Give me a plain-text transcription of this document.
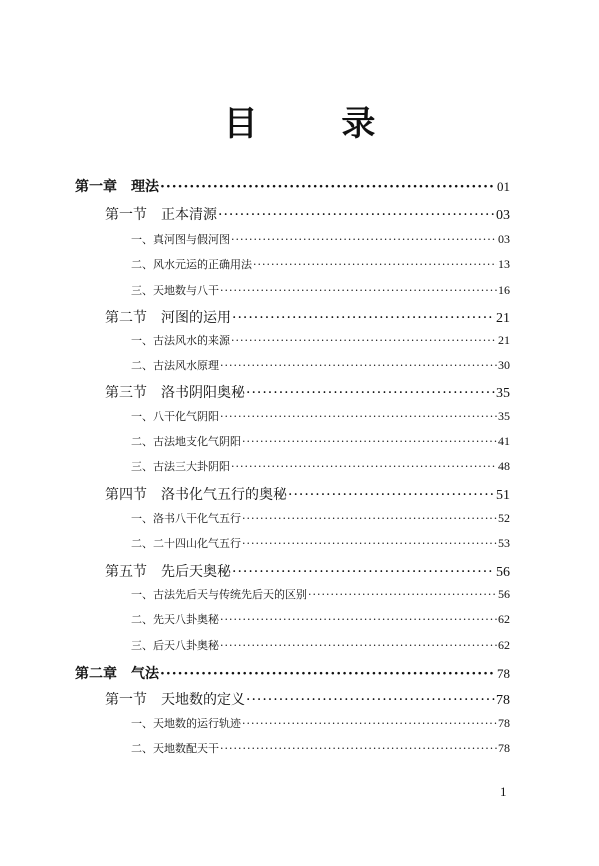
目 录
第一章 理法 ·····	01
第一节 正本清源 ·····	03
一、真河图与假河图 ·····	03
二、风水元运的正确用法 ·····	13
三、天地数与八干 ·····	16
第二节 河图的运用 ·····	21
一、古法风水的来源 ·····	21
二、古法风水原理 ·····	30
第三节 洛书阴阳奥秘 ·····	35
一、八干化气阴阳 ·····	35
二、古法地支化气阴阳 ·····	41
三、古法三大卦阴阳 ·····	48
第四节 洛书化气五行的奥秘 ·····	51
一、洛书八干化气五行 ·····	52
二、二十四山化气五行 ·····	53
第五节 先后天奥秘 ·····	56
一、古法先后天与传统先后天的区别 ·····	56
二、先天八卦奥秘 ·····	62
三、后天八卦奥秘 ·····	62
第二章 气法 ·····	78
第一节 天地数的定义 ·····	78
一、天地数的运行轨迹 ·····	78
二、天地数配天干 ·····	78
1
